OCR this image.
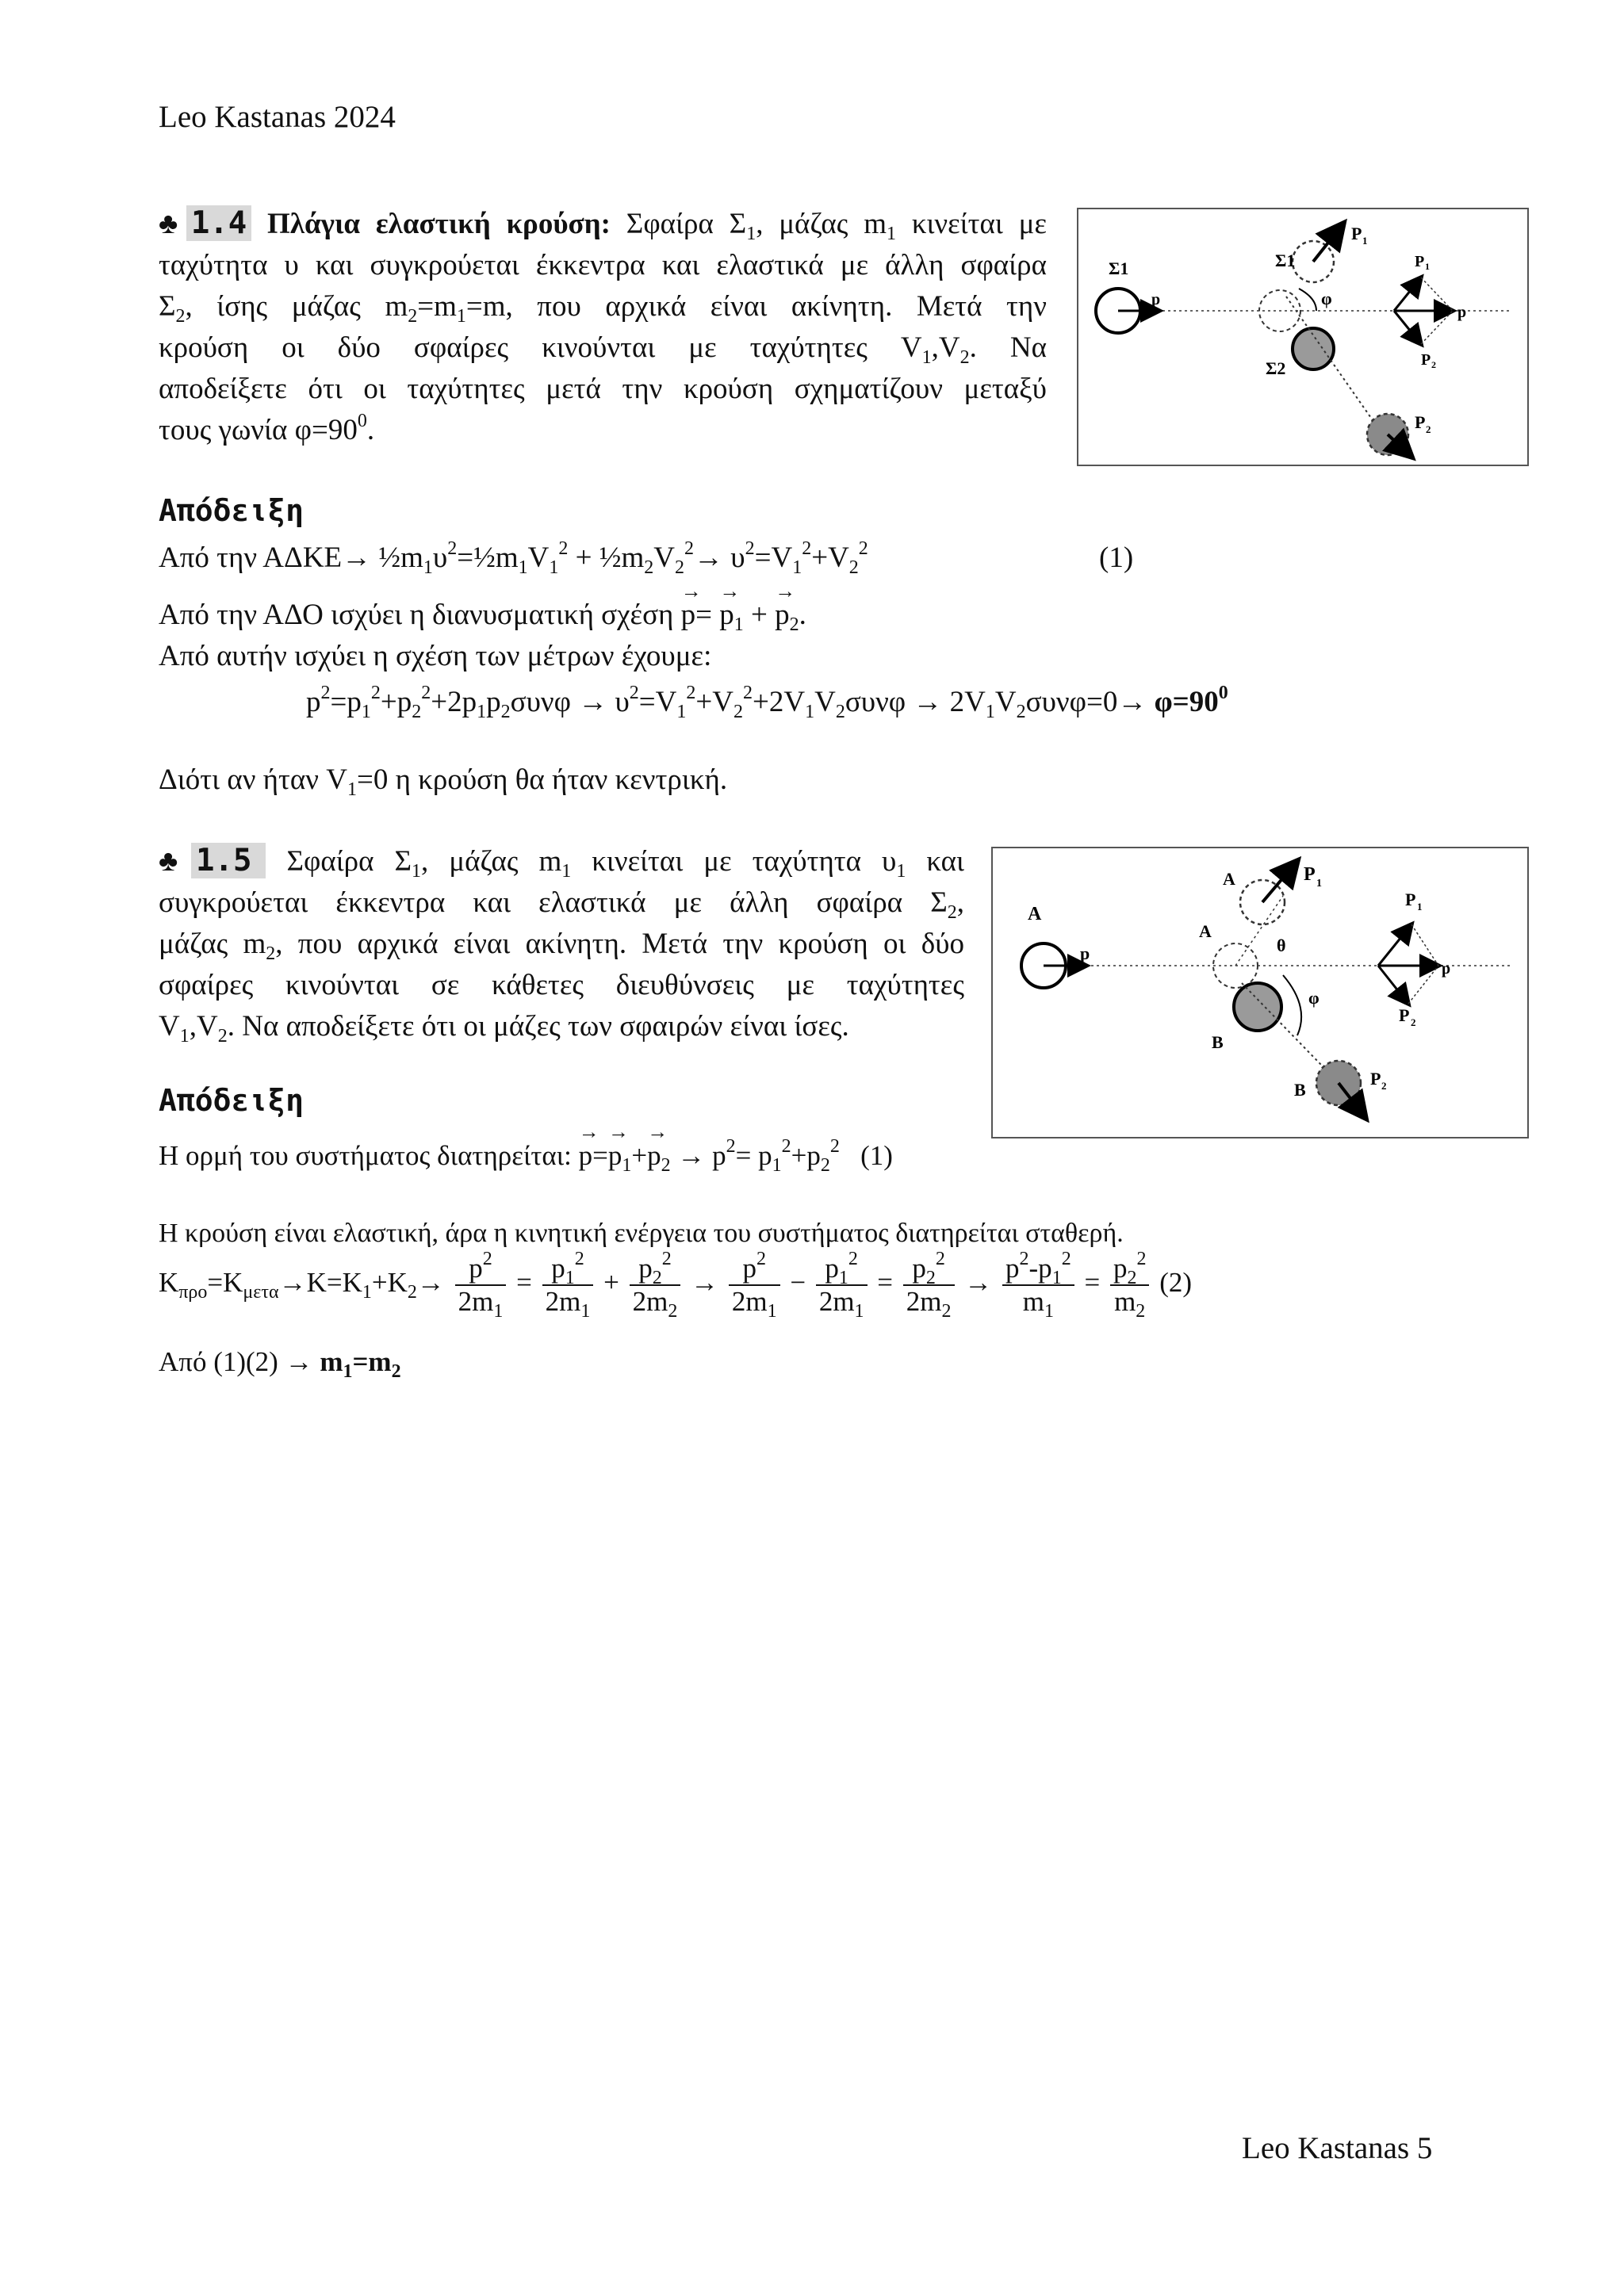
Leo Kastanas 2024
♣ 1.4 Πλάγια ελαστική κρούση: Σφαίρα $\Sigma_1$, μάζας $m_1$ κινείται με
ταχύτητα υ και συγκρούεται έκκεντρα και ελαστικά με άλλη σφαίρα
$\Sigma_2$, ίσης μάζας $m_2=m_1=m$, που αρχικά είναι ακίνητη. Μετά την
κρούση οι δύο σφαίρες κινούνται με ταχύτητες $V_1,V_2$. Να
αποδείξετε ότι οι ταχύτητες μετά την κρούση σχηματίζουν μεταξύ
τους γωνία $\varphi=90^0$.
Σ1
p
Σ1
P 1
Σ2
φ
P 2
p
P 1
P 2
Απόδειξη
Από την $A\Delta KE\to \frac{1}{2}m_1\upsilon^2=\frac{1}{2}m_1V_1^2$ + $\frac{1}{2}m_2V_2^2\to \upsilon^2=V_1^2+V_2^2$	(1)
Από την ΑΔΟ ισχύει η διανυσματική $\sigma\chi έ\sigma\eta \to p= \to p_1$ + → $p_2$.
Από αυτήν ισχύει η σχέση των μέτρων έχουμε:
$p^2=p_1^2+p_2^2+2p_1p_2\sigma\upsilon\nu\varphi \to \upsilon^2=V_1^2+V_2^2+2V_1V_2\sigma\upsilon\nu\varphi \to 2V_1V_2\sigma\upsilon\nu\varphi=0\to \varphi=90^0$
Διότι αν ήταν $V_1=0$ η κρούση θα ήταν κεντρική.
♣ 1.5 Σφαίρα $\Sigma_1$, μάζας $m_1$ κινείται με ταχύτητα $\upsilon_1$ και
συγκρούεται έκκεντρα και ελαστικά με άλλη σφαίρα $\Sigma_2$,
μάζας $m_2$, που αρχικά είναι ακίνητη. Μετά την κρούση οι δύο
σφαίρες κινούνται σε κάθετες διευθύνσεις με ταχύτητες
$V_1,V_2$. Να αποδείξετε ότι οι μάζες των σφαιρών είναι ίσες.
A
p
A
A	P 1
B
θ
φ
B
P 2
p
P 1
P 2
Απόδειξη
Η ορμή του συστήματος διατηρείται: → $p=\to p_1+\to p_2 \to p^2= p_1^2+p_2^2$ (1)
Η κρούση είναι ελαστική, άρα η κινητική ενέργεια του συστήματος διατηρείται σταθερή.
$K_{\pi\rho o}=K_{\mu\varepsilon\tau\alpha}\to K=K_1+K_2\to \frac{p^2}{2m_1} = \frac{p_1^2}{2m_1} + \frac{p_2^2}{2m_2} \to \frac{p^2}{2m_1} - \frac{p_1^2}{2m_1} = \frac{p_2^2}{2m_2} \to \frac{p^2-p_1^2}{m_1} = \frac{p_2^2}{m_2} (2)$
Από $(1)(2) \to m_1=m_2$
Leo Kastanas 5
